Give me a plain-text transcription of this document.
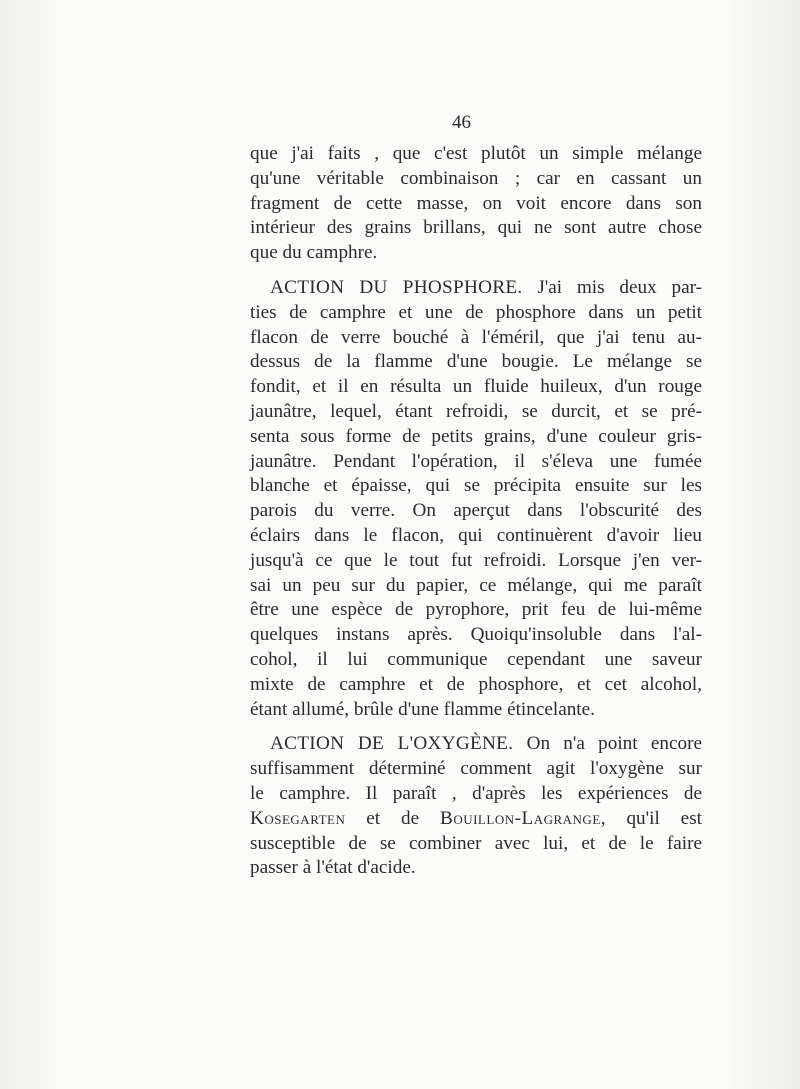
46
que j'ai faits , que c'est plutôt un simple mélange
qu'une véritable combinaison ; car en cassant un
fragment de cette masse, on voit encore dans son
intérieur des grains brillans, qui ne sont autre chose
que du camphre.
ACTION DU PHOSPHORE. J'ai mis deux par-
ties de camphre et une de phosphore dans un petit
flacon de verre bouché à l'éméril, que j'ai tenu au-
dessus de la flamme d'une bougie. Le mélange se
fondit, et il en résulta un fluide huileux, d'un rouge
jaunâtre, lequel, étant refroidi, se durcit, et se pré-
senta sous forme de petits grains, d'une couleur gris-
jaunâtre. Pendant l'opération, il s'éleva une fumée
blanche et épaisse, qui se précipita ensuite sur les
parois du verre. On aperçut dans l'obscurité des
éclairs dans le flacon, qui continuèrent d'avoir lieu
jusqu'à ce que le tout fut refroidi. Lorsque j'en ver-
sai un peu sur du papier, ce mélange, qui me paraît
être une espèce de pyrophore, prit feu de lui-même
quelques instans après. Quoiqu'insoluble dans l'al-
cohol, il lui communique cependant une saveur
mixte de camphre et de phosphore, et cet alcohol,
étant allumé, brûle d'une flamme étincelante.
ACTION DE L'OXYGÈNE. On n'a point encore
suffisamment déterminé comment agit l'oxygène sur
le camphre. Il paraît , d'après les expériences de
Kosegarten et de Bouillon-Lagrange, qu'il est
susceptible de se combiner avec lui, et de le faire
passer à l'état d'acide.
